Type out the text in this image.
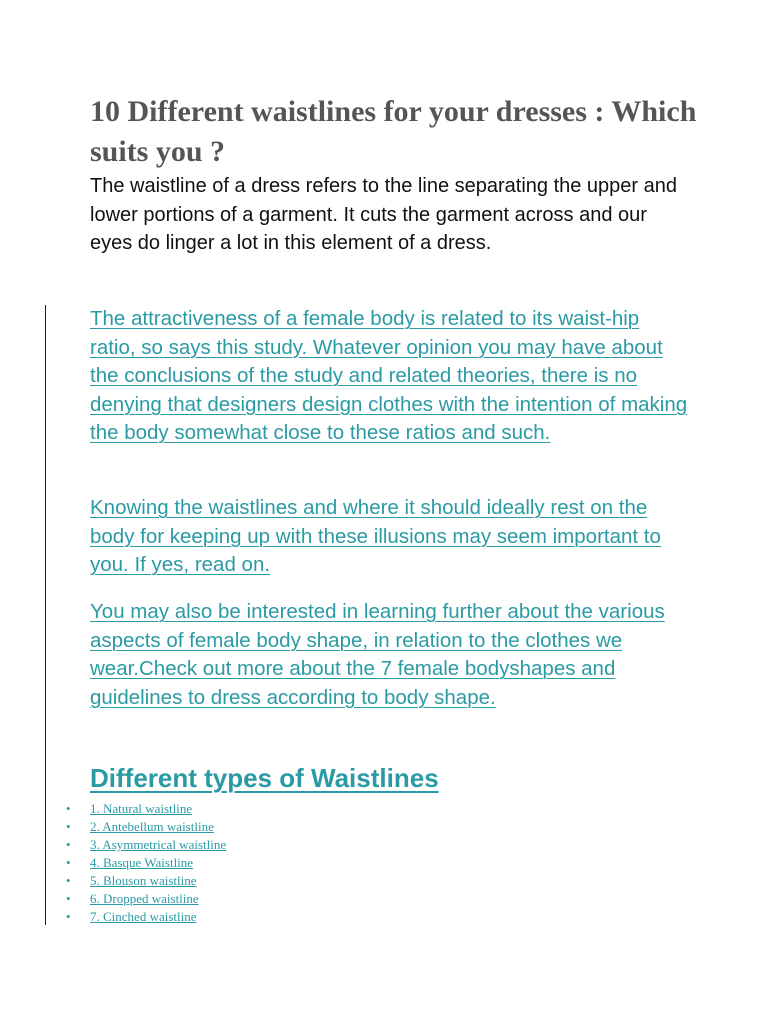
10 Different waistlines for your dresses : Which suits you ?

The waistline of a dress refers to the line separating the upper and lower portions of a garment. It cuts the garment across and our eyes do linger a lot in this element of a dress.

The attractiveness of a female body is related to its waist-hip ratio, so says this study. Whatever opinion you may have about the conclusions of the study and related theories, there is no denying that designers design clothes with the intention of making the body somewhat close to these ratios and such.

Knowing the waistlines and where it should ideally rest on the body for keeping up with these illusions may seem important to you. If yes, read on.

You may also be interested in learning further about the various aspects of female body shape, in relation to the clothes we wear.Check out more about the 7 female bodyshapes and guidelines to dress according to body shape.

Different types of Waistlines
• 1. Natural waistline
• 2. Antebellum waistline
• 3. Asymmetrical waistline
• 4. Basque Waistline
• 5. Blouson waistline
• 6. Dropped waistline
• 7. Cinched waistline
